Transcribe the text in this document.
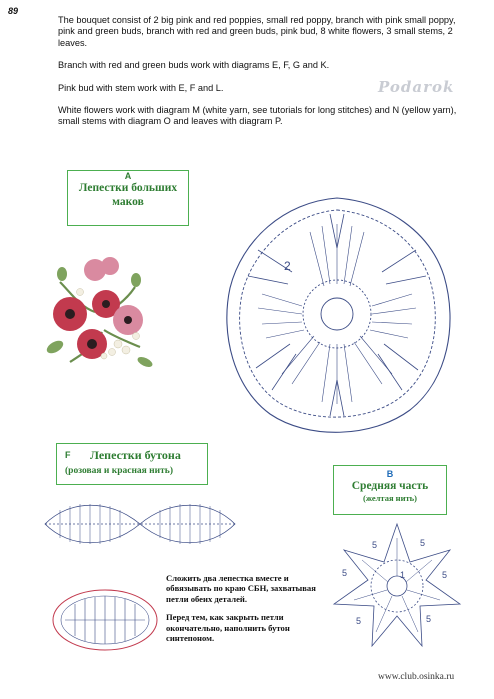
89

The bouquet consist of 2 big pink and red poppies, small red poppy, branch with pink small poppy, pink and green buds, branch with red and green buds, pink bud, 8 white flowers, 3 small stems, 2 leaves.

Branch with red and green buds work with diagrams E, F, G and K.

Pink bud with stem work with E, F and L.

White flowers work with diagram M (white yarn, see tutorials for long stitches) and N (yellow yarn), small stems with diagram O and leaves with diagram P.

Podarok
2
A
Лепестки больших маков
F Лепестки бутона
(розовая и красная нить)	B
Средняя часть
(желтая нить)
1
5	5
5
5
5
5

Сложить два лепестка вместе и обвязывать по краю СБН, захватывая петли обеих деталей.

Перед тем, как закрыть петли окончательно, наполнить бутон синтепоном.

www.club.osinka.ru
